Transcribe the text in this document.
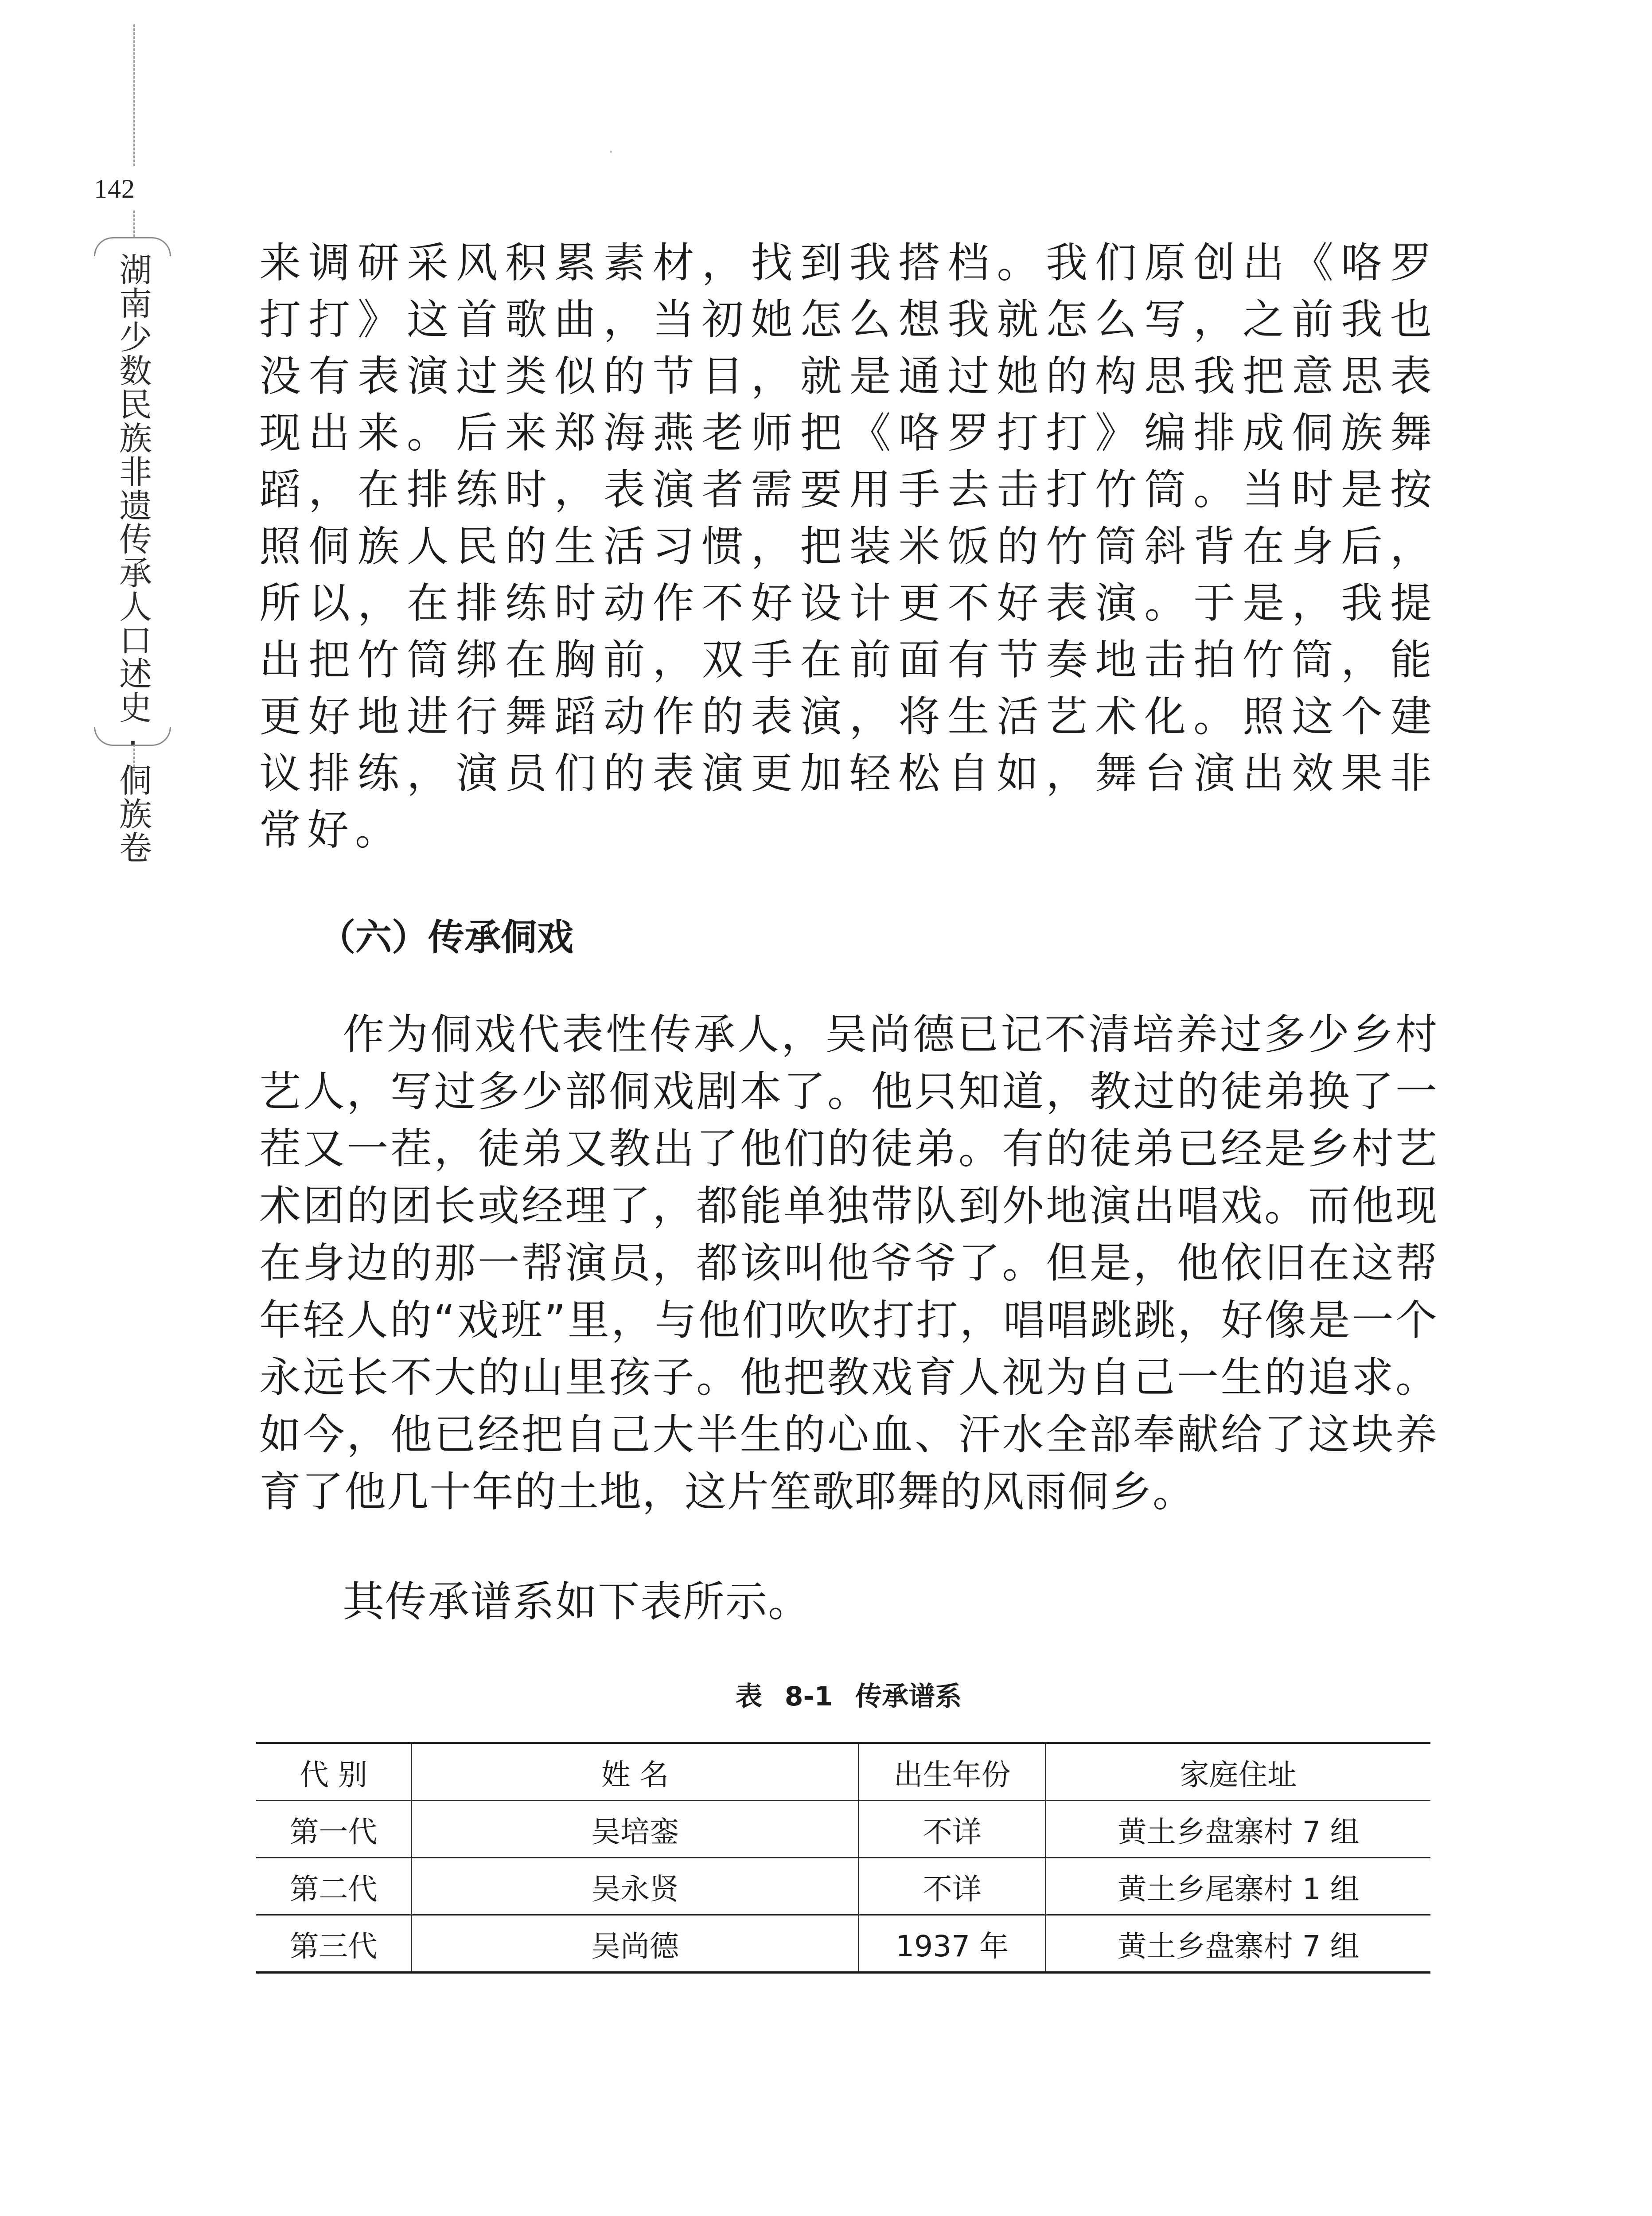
142
湖南少数民族非遗传承人口述史·侗族卷	来调研采风积累素材，找到我搭档。我们原创出《咯罗打打》这首歌曲，当初她怎么想我就怎么写，之前我也没有表演过类似的节目，就是通过她的构思我把意思表现出来。后来郑海燕老师把《咯罗打打》编排成侗族舞蹈，在排练时，表演者需要用手去击打竹筒。当时是按照侗族人民的生活习惯，把装米饭的竹筒斜背在身后，所以，在排练时动作不好设计更不好表演。于是，我提出把竹筒绑在胸前，双手在前面有节奏地击拍竹筒，能更好地进行舞蹈动作的表演，将生活艺术化。照这个建议排练，演员们的表演更加轻松自如，舞台演出效果非常好。
（六）传承侗戏
作为侗戏代表性传承人，吴尚德已记不清培养过多少乡村艺人，写过多少部侗戏剧本了。他只知道，教过的徒弟换了一茬又一茬，徒弟又教出了他们的徒弟。有的徒弟已经是乡村艺术团的团长或经理了，都能单独带队到外地演出唱戏。而他现在身边的那一帮演员，都该叫他爷爷了。但是，他依旧在这帮年轻人的“戏班”里，与他们吹吹打打，唱唱跳跳，好像是一个永远长不大的山里孩子。他把教戏育人视为自己一生的追求。如今，他已经把自己大半生的心血、汗水全部奉献给了这块养育了他几十年的土地，这片笙歌耶舞的风雨侗乡。
其传承谱系如下表所示。
表 8-1 传承谱系
代 别	姓 名	出生年份	家庭住址
第一代	吴培銮	不详	黄土乡盘寨村 7 组
第二代	吴永贤	不详	黄土乡尾寨村 1 组
第三代	吴尚德	1937 年	黄土乡盘寨村 7 组
